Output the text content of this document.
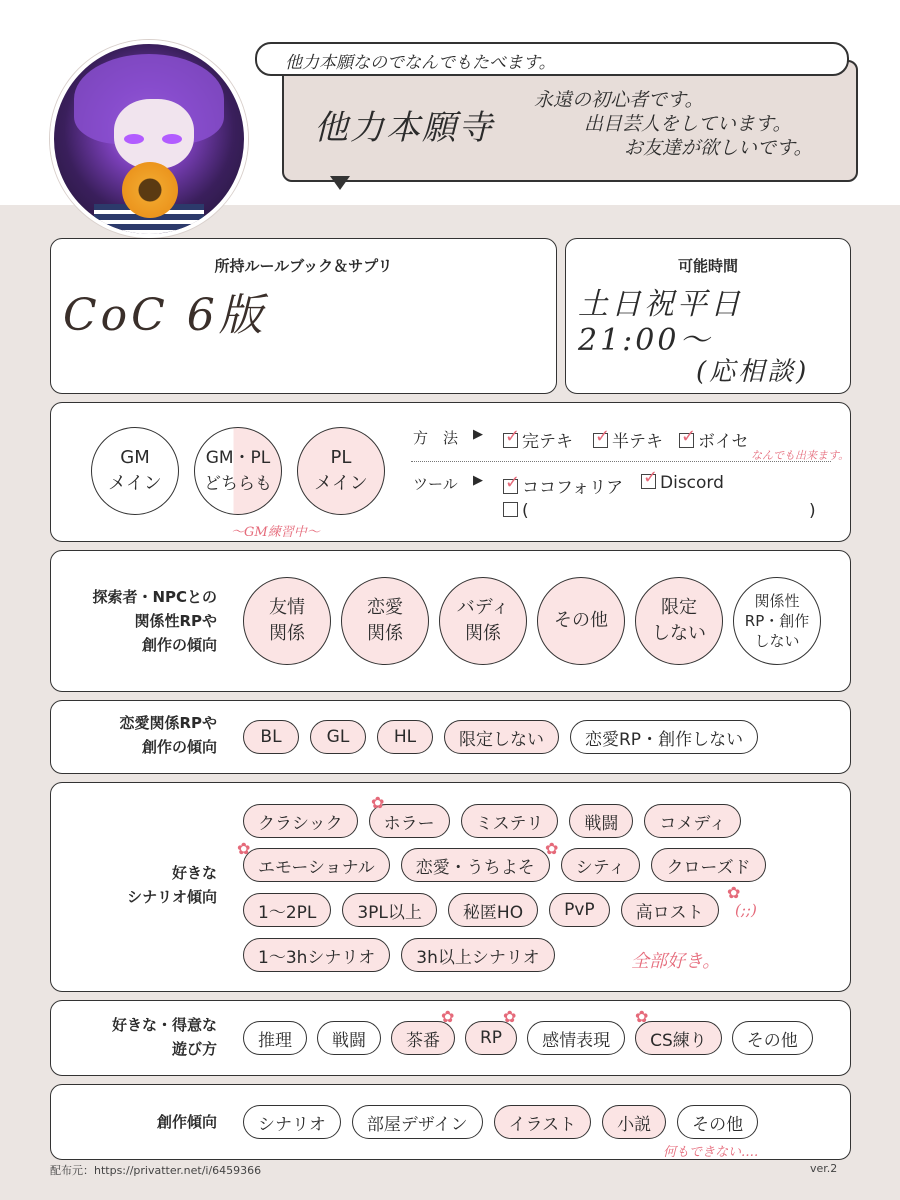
他力本願なのでなんでもたべます。
他力本願寺
永遠の初心者です。
出目芸人をしています。
お友達が欲しいです。
所持ルールブック＆サプリ
CoC 6版
可能時間
土日祝平日
21:00〜
(応相談)
GM
メイン
GM・PL
どちらも
PL
メイン
〜GM練習中〜
方　法 ▶ ✓	完テキ ✓	半テキ ✓	ボイセ
なんでも出来ます。
ツール ▶ ✓	ココフォリア ✓	Discord
(	)
探索者・NPCとの
関係性RPや
創作の傾向
友情
関係
恋愛
関係
バディ
関係
その他
限定
しない
関係性
RP・創作
しない
恋愛関係RPや
創作の傾向	BL	GL	HL	限定しない	恋愛RP・創作しない
好きな
シナリオ傾向
クラシック	ホラー	ミステリ	戦闘	コメディ
エモーショナル	恋愛・うちよそ	シティ	クローズド
1〜2PL	3PL以上	秘匿HO	PvP	高ロスト	(;;)
1〜3hシナリオ	3h以上シナリオ	全部好き。
✿
✿	✿
✿
好きな・得意な
遊び方	推理	戦闘	茶番	RP	感情表現	CS練り	その他
✿	✿	✿
創作傾向	シナリオ	部屋デザイン	イラスト	小説	その他
何もできない‥‥
配布元：https://privatter.net/i/6459366	ver.2
